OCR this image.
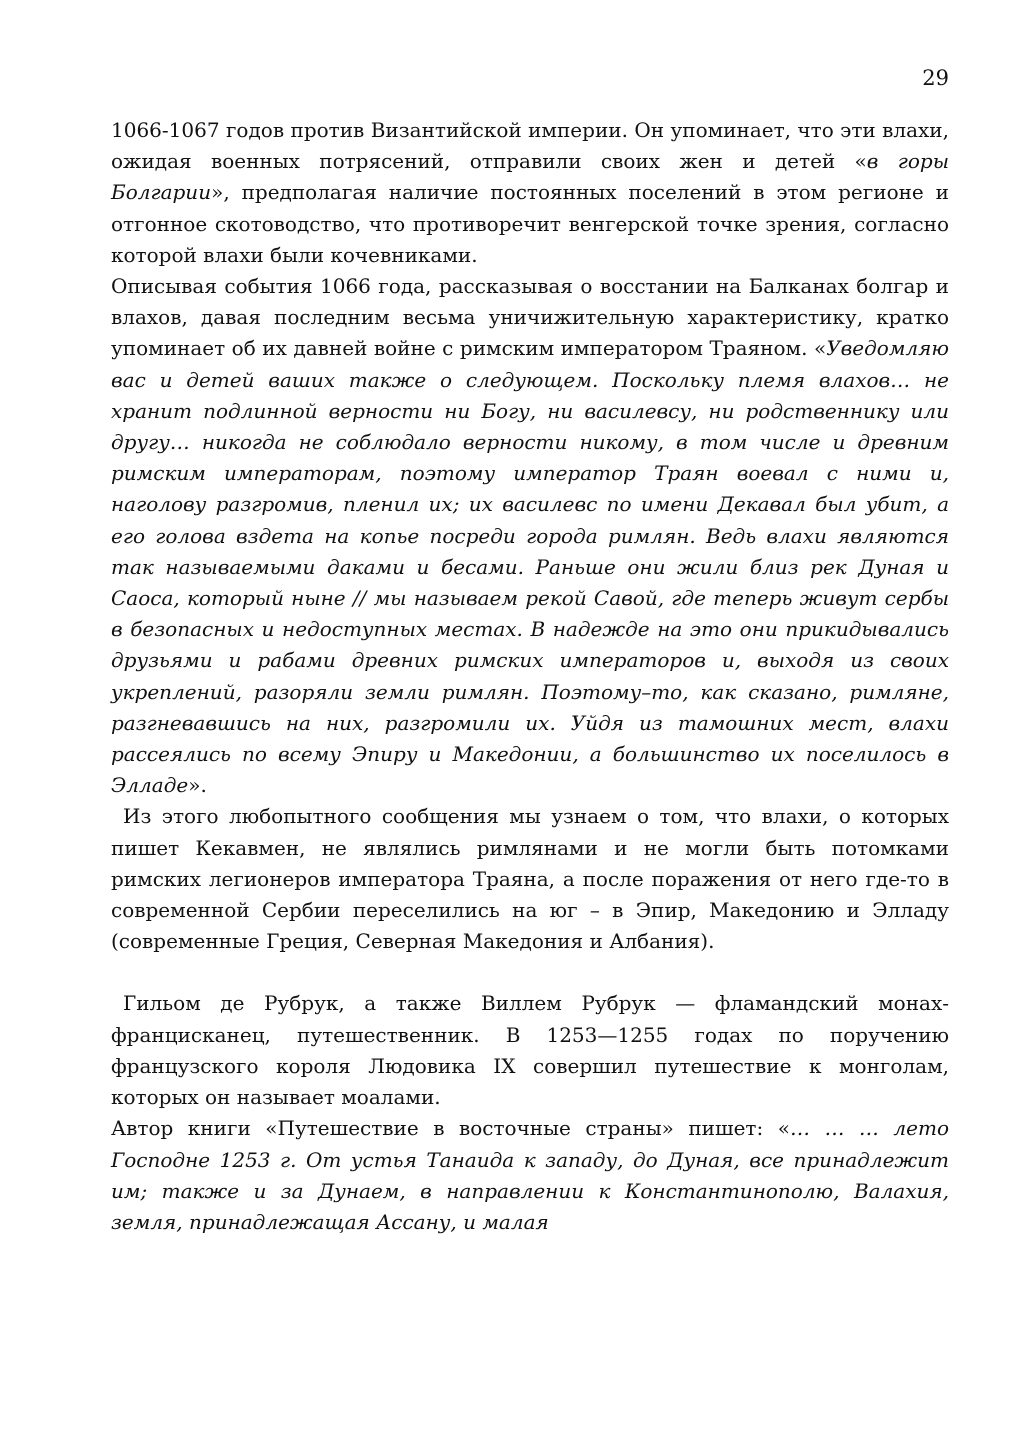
29

1066-1067 годов против Византийской империи. Он упоминает, что эти влахи, ожидая военных потрясений, отправили своих жен и детей «в горы Болгарии», предполагая наличие постоянных поселений в этом регионе и отгонное скотоводство, что противоречит венгерской точке зрения, согласно которой влахи были кочевниками.

Описывая события 1066 года, рассказывая о восстании на Балканах болгар и влахов, давая последним весьма уничижительную характеристику, кратко упоминает об их давней войне с римским императором Траяном. «Уведомляю вас и детей ваших также о следующем. Поскольку племя влахов… не хранит подлинной верности ни Богу, ни василевсу, ни родственнику или другу… никогда не соблюдало верности никому, в том числе и древним римским императорам, поэтому император Траян воевал с ними и, наголову разгромив, пленил их; их василевс по имени Декавал был убит, а его голова вздета на копье посреди города римлян. Ведь влахи являются так называемыми даками и бесами. Раньше они жили близ рек Дуная и Саоса, который ныне // мы называем рекой Савой, где теперь живут сербы в безопасных и недоступных местах. В надежде на это они прикидывались друзьями и рабами древних римских императоров и, выходя из своих укреплений, разоряли земли римлян. Поэтому–то, как сказано, римляне, разгневавшись на них, разгромили их. Уйдя из тамошних мест, влахи рассеялись по всему Эпиру и Македонии, а большинство их поселилось в Элладе».

Из этого любопытного сообщения мы узнаем о том, что влахи, о которых пишет Кекавмен, не являлись римлянами и не могли быть потомками римских легионеров императора Траяна, а после поражения от него где-то в современной Сербии переселились на юг – в Эпир, Македонию и Элладу (современные Греция, Северная Македония и Албания).

Гильом де Рубрук, а также Виллем Рубрук — фламандский монах-францисканец, путешественник. В 1253—1255 годах по поручению французского короля Людовика IX совершил путешествие к монголам, которых он называет моалами.

Автор книги «Путешествие в восточные страны» пишет: «… … … лето Господне 1253 г. От устья Танаида к западу, до Дуная, все принадлежит им; также и за Дунаем, в направлении к Константинополю, Валахия, земля, принадлежащая Ассану, и малая
